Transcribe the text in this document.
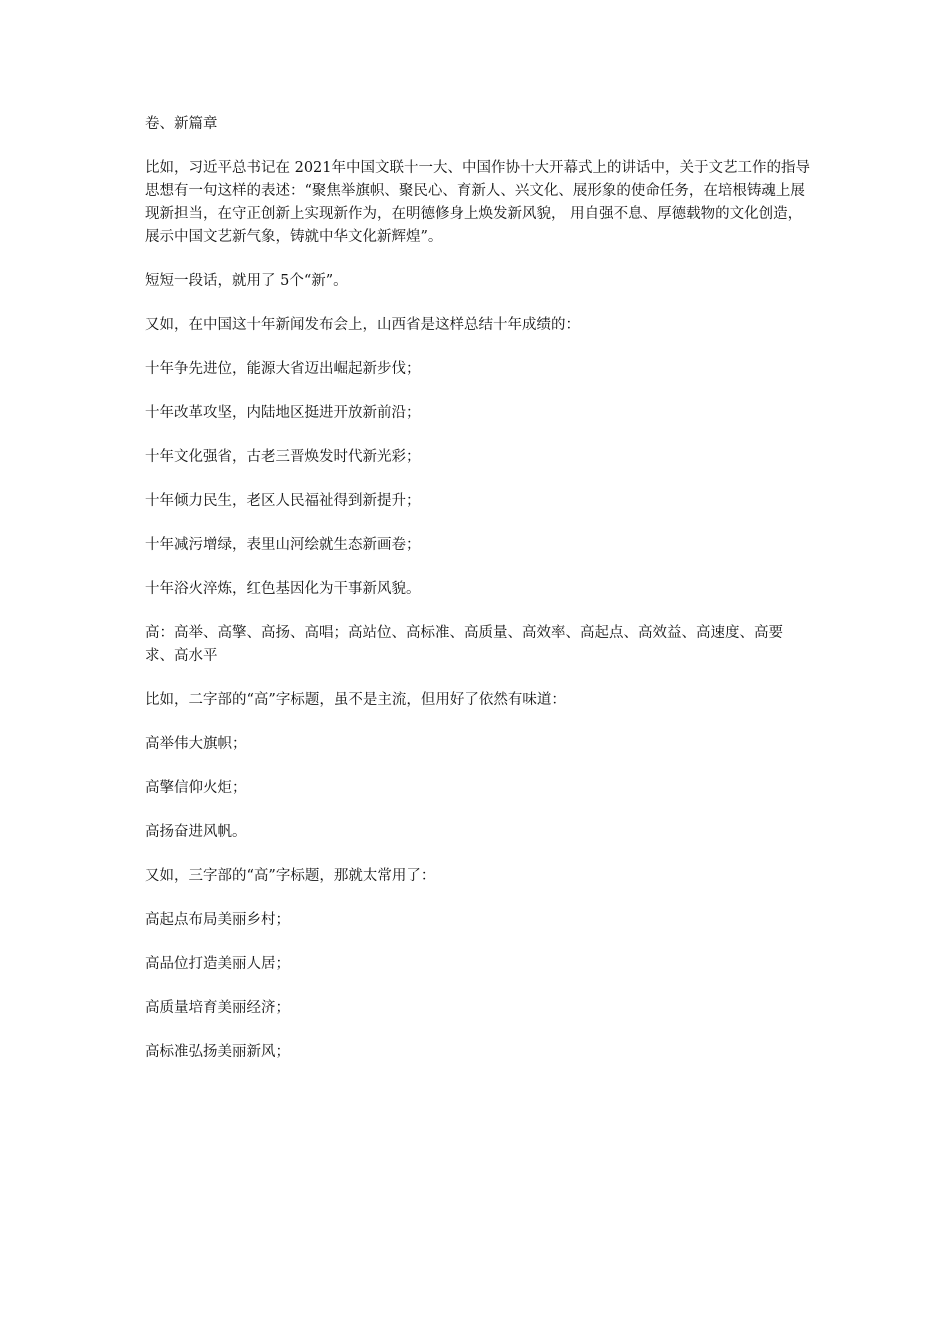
卷、新篇章

比如，习近平总书记在 2021年中国文联十一大、中国作协十大开幕式上的讲话中，关于文艺工作的指导思想有一句这样的表述：“聚焦举旗帜、聚民心、育新人、兴文化、展形象的使命任务，在培根铸魂上展现新担当，在守正创新上实现新作为，在明德修身上焕发新风貌， 用自强不息、厚德载物的文化创造，展示中国文艺新气象，铸就中华文化新辉煌”。

短短一段话，就用了 5个“新”。

又如，在中国这十年新闻发布会上，山西省是这样总结十年成绩的：

十年争先进位，能源大省迈出崛起新步伐；

十年改革攻坚，内陆地区挺进开放新前沿；

十年文化强省，古老三晋焕发时代新光彩；

十年倾力民生，老区人民福祉得到新提升；

十年减污增绿，表里山河绘就生态新画卷；

十年浴火淬炼，红色基因化为干事新风貌。

高：高举、高擎、高扬、高唱；高站位、高标准、高质量、高效率、高起点、高效益、高速度、高要求、高水平

比如，二字部的“高”字标题，虽不是主流，但用好了依然有味道：

高举伟大旗帜；

高擎信仰火炬；

高扬奋进风帆。

又如，三字部的“高”字标题，那就太常用了：

高起点布局美丽乡村；

高品位打造美丽人居；

高质量培育美丽经济；

高标准弘扬美丽新风；
